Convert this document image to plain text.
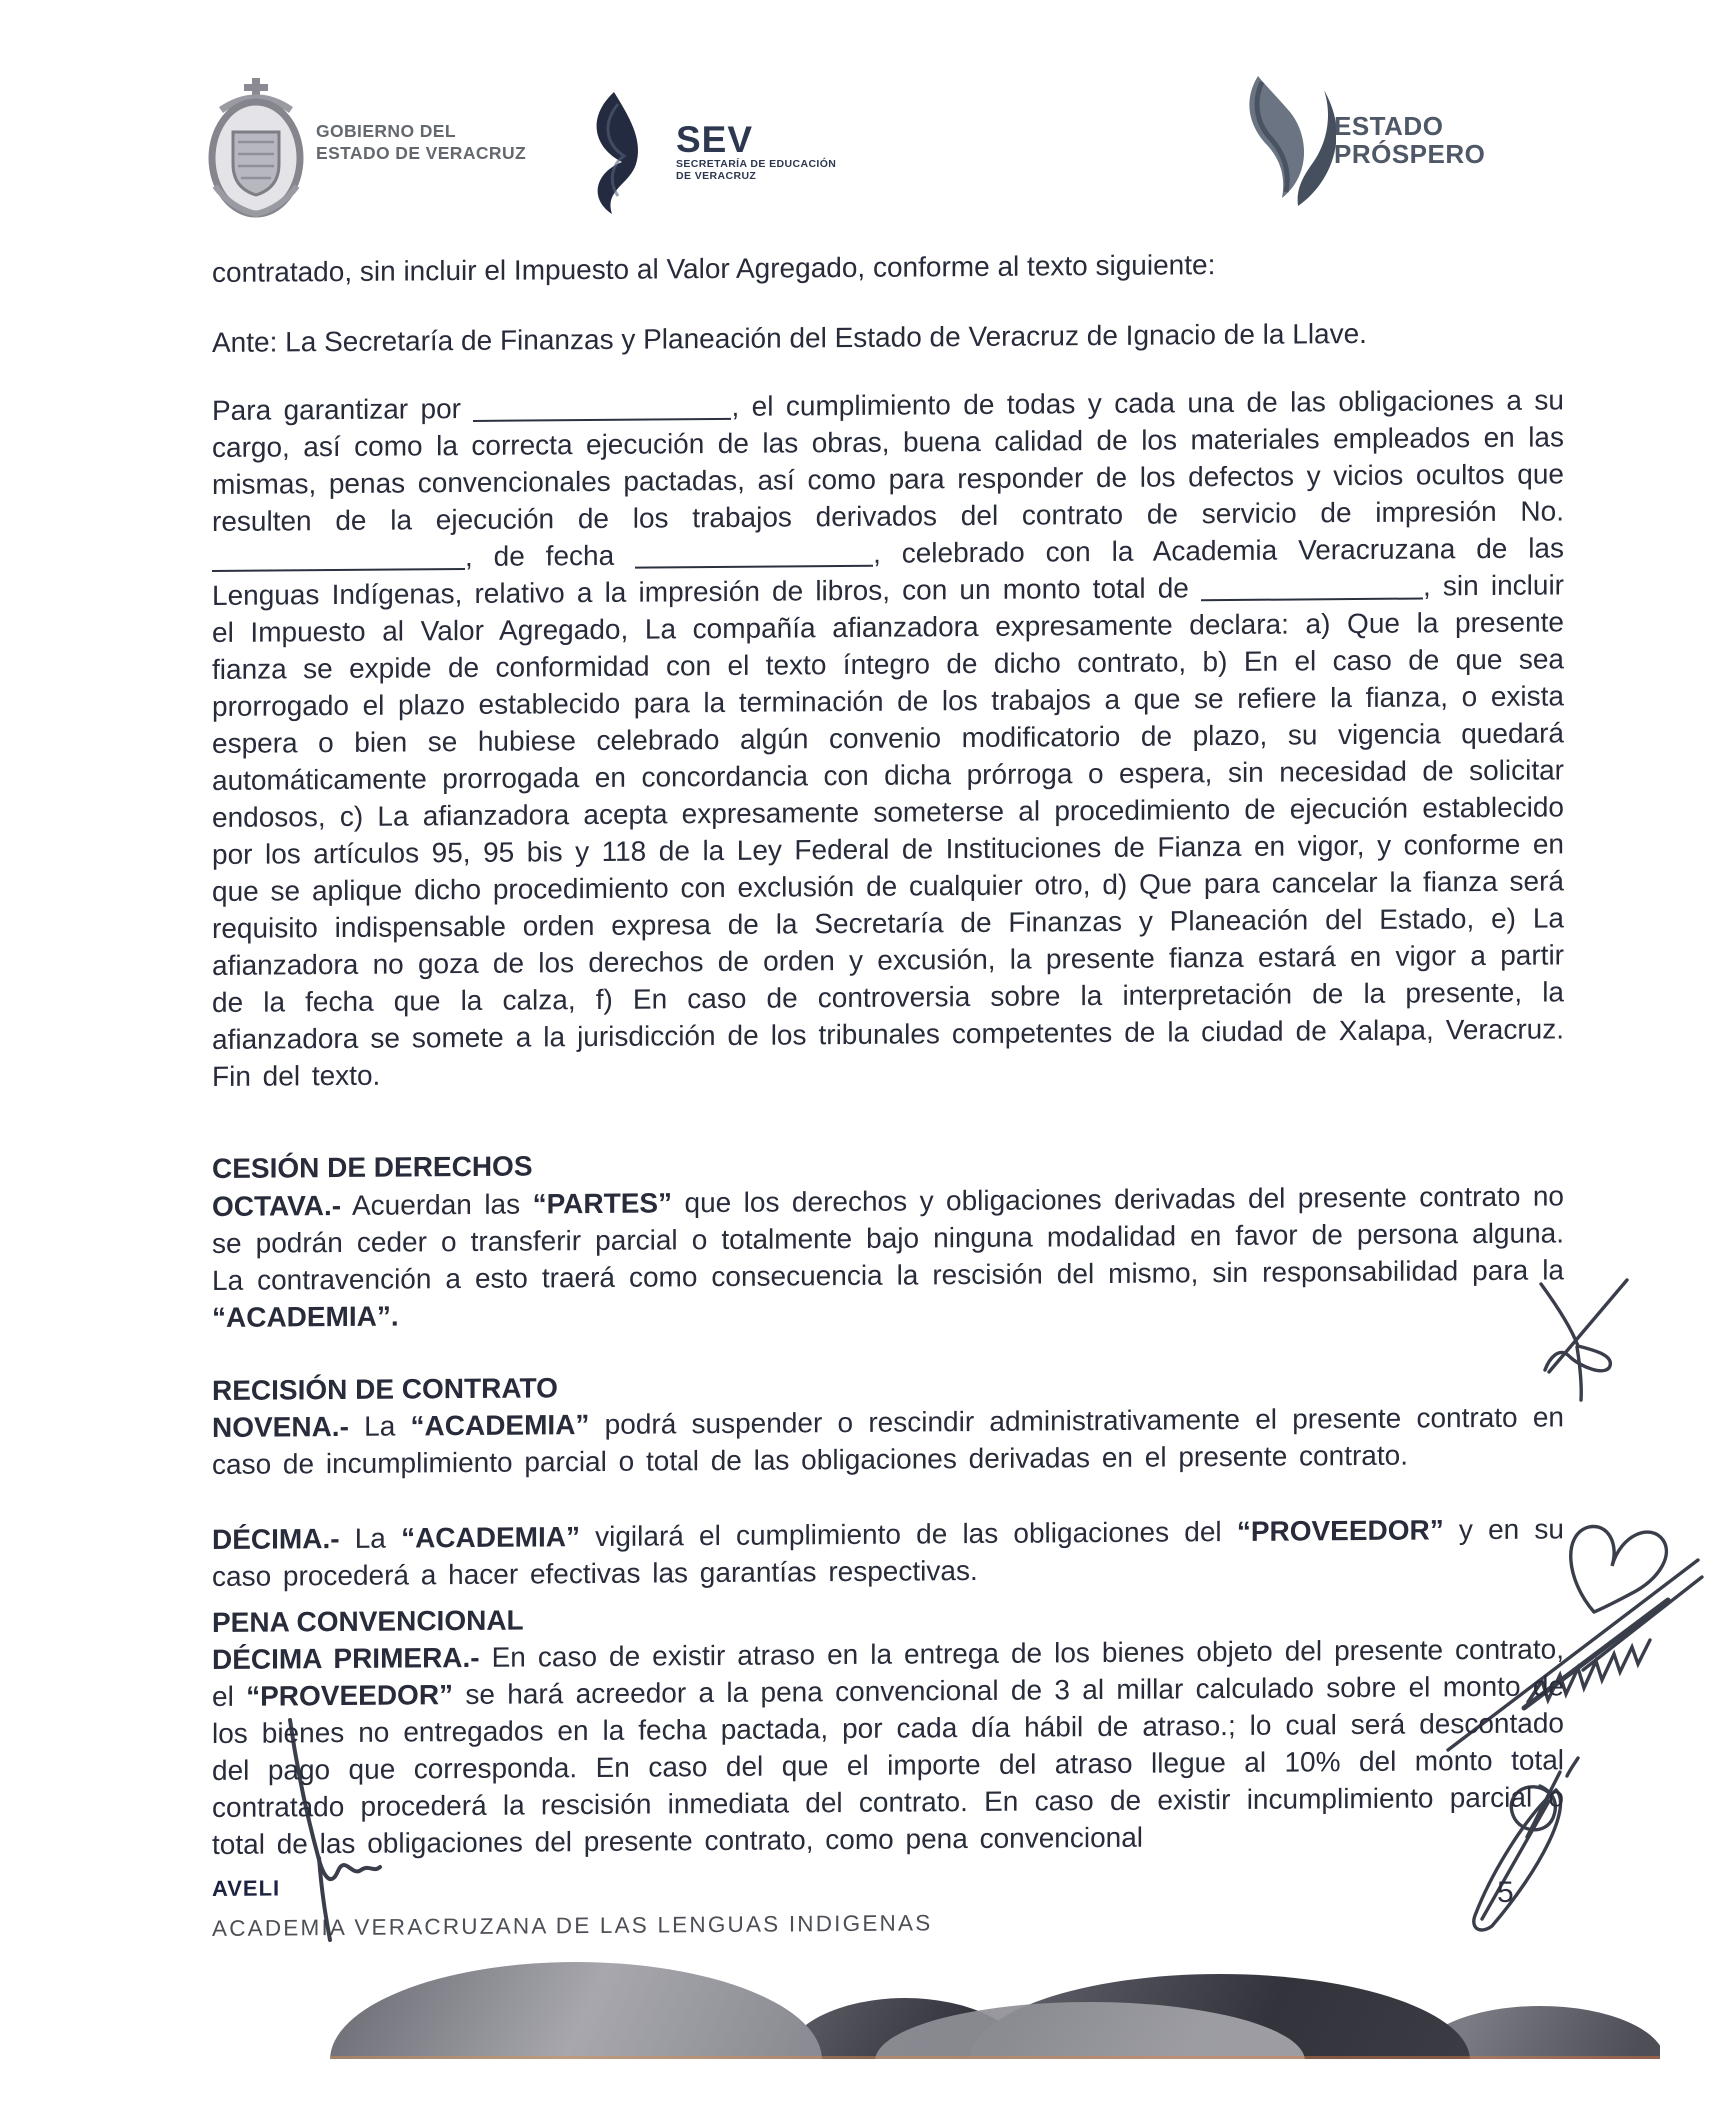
GOBIERNO DEL
ESTADO DE VERACRUZ	SEV
SECRETARÍA DE EDUCACIÓN
DE VERACRUZ
ESTADO
PRÓSPERO
contratado, sin incluir el Impuesto al Valor Agregado, conforme al texto siguiente:
Ante: La Secretaría de Finanzas y Planeación del Estado de Veracruz de Ignacio de la Llave.
Para garantizar por	, el cumplimiento de todas y cada una de las obligaciones a su cargo, así como la correcta ejecución de las obras, buena calidad de los materiales empleados en las mismas, penas convencionales pactadas, así como para responder de los defectos y vicios ocultos que resulten de la ejecución de los trabajos derivados del contrato de servicio de impresión No., de fecha	, celebrado con la Academia Veracruzana de las Lenguas Indígenas, relativo a la impresión de libros, con un monto total de	, sin incluir el Impuesto al Valor Agregado, La compañía afianzadora expresamente declara: a) Que la presente fianza se expide de conformidad con el texto íntegro de dicho contrato, b) En el caso de que sea prorrogado el plazo establecido para la terminación de los trabajos a que se refiere la fianza, o exista espera o bien se hubiese celebrado algún convenio modificatorio de plazo, su vigencia quedará automáticamente prorrogada en concordancia con dicha prórroga o espera, sin necesidad de solicitar endosos, c) La afianzadora acepta expresamente someterse al procedimiento de ejecución establecido por los artículos 95, 95 bis y 118 de la Ley Federal de Instituciones de Fianza en vigor, y conforme en que se aplique dicho procedimiento con exclusión de cualquier otro, d) Que para cancelar la fianza será requisito indispensable orden expresa de la Secretaría de Finanzas y Planeación del Estado, e) La afianzadora no goza de los derechos de orden y excusión, la presente fianza estará en vigor a partir de la fecha que la calza, f) En caso de controversia sobre la interpretación de la presente, la afianzadora se somete a la jurisdicción de los tribunales competentes de la ciudad de Xalapa, Veracruz. Fin del texto.
CESIÓN DE DERECHOS
OCTAVA.- Acuerdan las “PARTES” que los derechos y obligaciones derivadas del presente contrato no se podrán ceder o transferir parcial o totalmente bajo ninguna modalidad en favor de persona alguna. La contravención a esto traerá como consecuencia la rescisión del mismo, sin responsabilidad para la “ACADEMIA”.
RECISIÓN DE CONTRATO
NOVENA.- La “ACADEMIA” podrá suspender o rescindir administrativamente el presente contrato en caso de incumplimiento parcial o total de las obligaciones derivadas en el presente contrato.
DÉCIMA.- La “ACADEMIA” vigilará el cumplimiento de las obligaciones del “PROVEEDOR” y en su caso procederá a hacer efectivas las garantías respectivas.
PENA CONVENCIONAL
DÉCIMA PRIMERA.- En caso de existir atraso en la entrega de los bienes objeto del presente contrato, el “PROVEEDOR” se hará acreedor a la pena convencional de 3 al millar calculado sobre el monto de los bienes no entregados en la fecha pactada, por cada día hábil de atraso.; lo cual será descontado del pago que corresponda. En caso del que el importe del atraso llegue al 10% del monto total contratado procederá la rescisión inmediata del contrato. En caso de existir incumplimiento parcial o total de las obligaciones del presente contrato, como pena convencional
AVELI
ACADEMIA VERACRUZANA DE LAS LENGUAS INDIGENAS
5
